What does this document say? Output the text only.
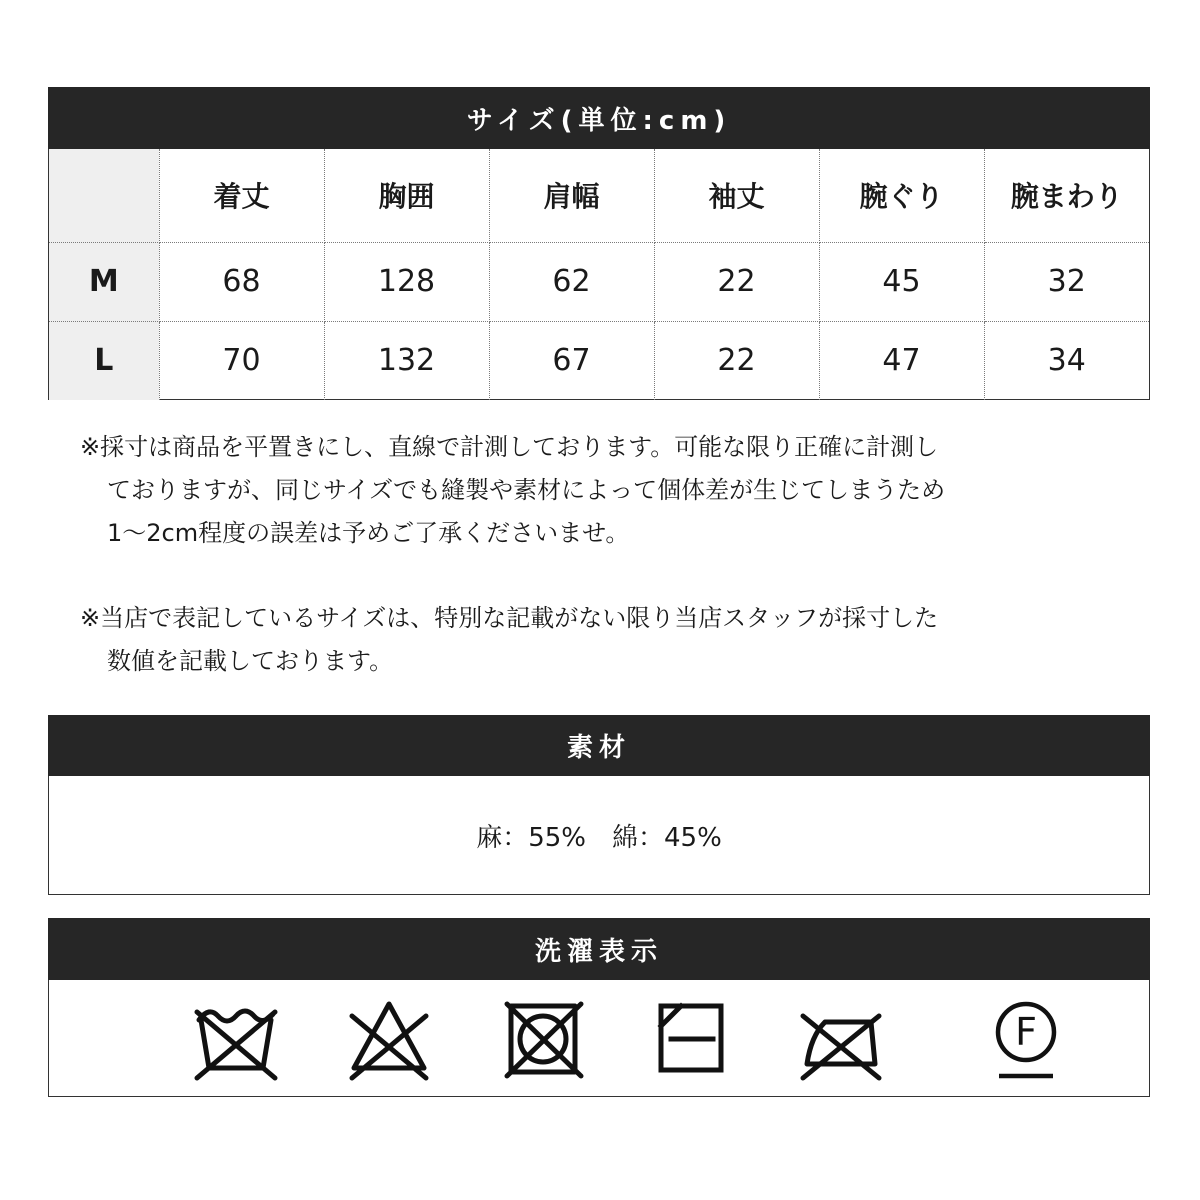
サイズ(単位:cm)
	着丈	胸囲	肩幅	袖丈	腕ぐり	腕まわり
M	68	128	62	22	45	32
L	70	132	67	22	47	34
※採寸は商品を平置きにし、直線で計測しております。可能な限り正確に計測し
ておりますが、同じサイズでも縫製や素材によって個体差が生じてしまうため
1～2cm程度の誤差は予めご了承くださいませ。
※当店で表記しているサイズは、特別な記載がない限り当店スタッフが採寸した
数値を記載しております。
素材
麻：55%　綿：45%
洗濯表示
F
